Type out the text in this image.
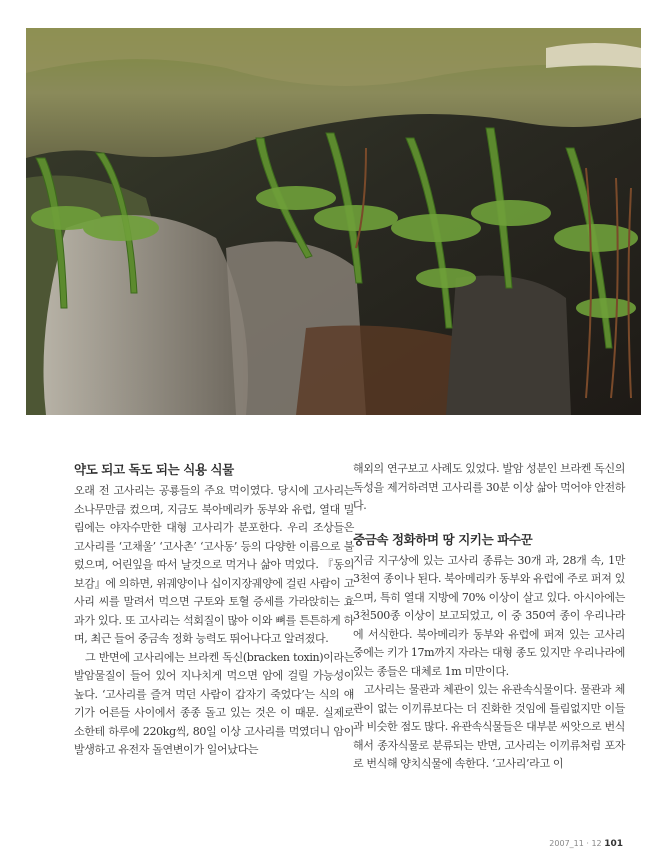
약도 되고 독도 되는 식용 식물

오래 전 고사리는 공룡들의 주요 먹이였다. 당시에 고사리는 소나무만큼 컸으며, 지금도 북아메리카 동부와 유럽, 열대 밀림에는 야자수만한 대형 고사리가 분포한다. 우리 조상들은 고사리를 ‘고채울’ ‘고사촌’ ‘고사동’ 등의 다양한 이름으로 불렀으며, 어린잎을 따서 날것으로 먹거나 삶아 먹었다. 『동의보감』에 의하면, 위궤양이나 십이지장궤양에 걸린 사람이 고사리 씨를 말려서 먹으면 구토와 토혈 증세를 가라앉히는 효과가 있다. 또 고사리는 석회질이 많아 이와 뼈를 튼튼하게 하며, 최근 들어 중금속 정화 능력도 뛰어나다고 알려졌다.

그 반면에 고사리에는 브라켄 독신(bracken toxin)이라는 발암물질이 들어 있어 지나치게 먹으면 암에 걸릴 가능성이 높다. ‘고사리를 즐겨 먹던 사람이 갑자기 죽었다’는 식의 얘기가 어른들 사이에서 종종 돌고 있는 것은 이 때문. 실제로 소한테 하루에 220kg씩, 80일 이상 고사리를 먹였더니 암이 발생하고 유전자 돌연변이가 일어났다는

해외의 연구보고 사례도 있었다. 발암 성분인 브라켄 독신의 독성을 제거하려면 고사리를 30분 이상 삶아 먹어야 안전하다.

중금속 정화하며 땅 지키는 파수꾼

지금 지구상에 있는 고사리 종류는 30개 과, 28개 속, 1만 3천여 종이나 된다. 북아메리카 동부와 유럽에 주로 퍼져 있으며, 특히 열대 지방에 70% 이상이 살고 있다. 아시아에는 3천500종 이상이 보고되었고, 이 중 350여 종이 우리나라에 서식한다. 북아메리카 동부와 유럽에 퍼져 있는 고사리 중에는 키가 17m까지 자라는 대형 종도 있지만 우리나라에 있는 종들은 대체로 1m 미만이다.

고사리는 물관과 체관이 있는 유관속식물이다. 물관과 체관이 없는 이끼류보다는 더 진화한 것임에 틀림없지만 이들과 비슷한 점도 많다. 유관속식물들은 대부분 씨앗으로 번식해서 종자식물로 분류되는 반면, 고사리는 이끼류처럼 포자로 번식해 양치식물에 속한다. ‘고사리’라고 이

2007_11 · 12 101
